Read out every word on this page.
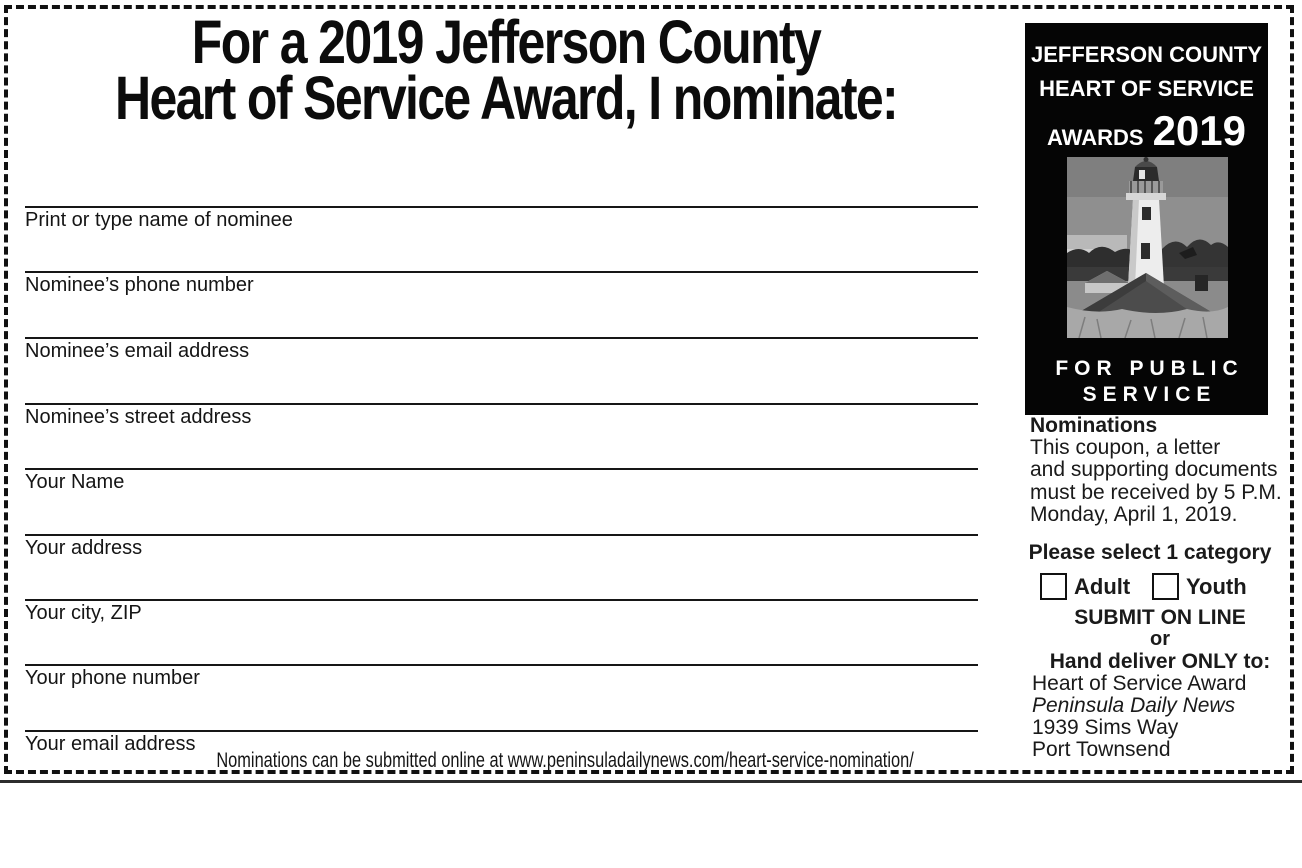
For a 2019 Jefferson County
Heart of Service Award, I nominate:
Print or type name of nominee
Nominee’s phone number
Nominee’s email address
Nominee’s street address
Your Name
Your address
Your city, ZIP
Your phone number
Your email address
Nominations can be submitted online at www.peninsuladailynews.com/heart-service-nomination/
JEFFERSON COUNTY
HEART OF SERVICE
AWARDS 2019
FOR PUBLIC
SERVICE
Nominations
This coupon, a letter
and supporting documents
must be received by 5 P.M.
Monday, April 1, 2019.
Please select 1 category
Adult	Youth
SUBMIT ON LINE
or
Hand deliver ONLY to:
Heart of Service Award
Peninsula Daily News
1939 Sims Way
Port Townsend
